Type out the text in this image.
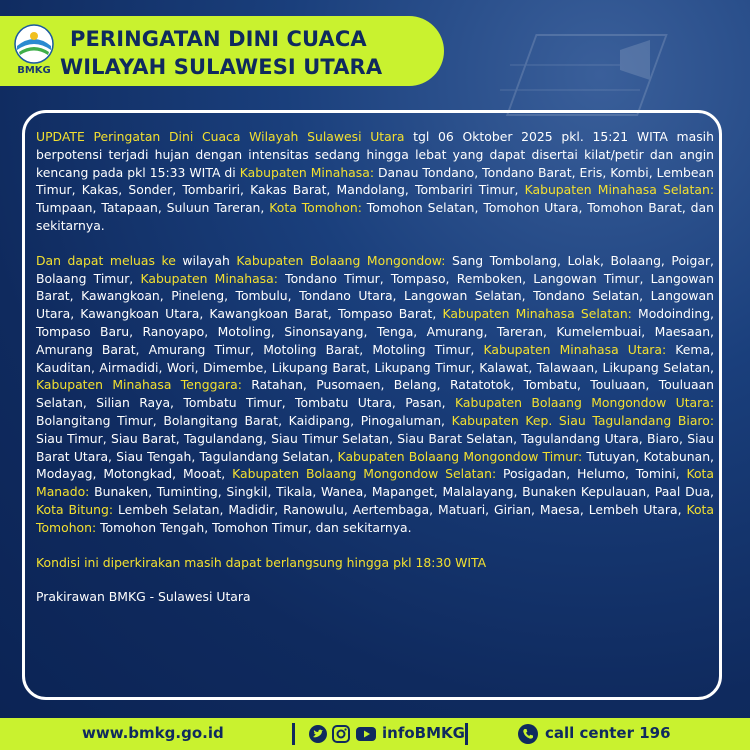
BMKG
PERINGATAN DINI CUACA
WILAYAH SULAWESI UTARA

UPDATE Peringatan Dini Cuaca Wilayah Sulawesi Utara tgl 06 Oktober 2025 pkl. 15:21 WITA masih berpotensi terjadi hujan dengan intensitas sedang hingga lebat yang dapat disertai kilat/petir dan angin kencang pada pkl 15:33 WITA di Kabupaten Minahasa: Danau Tondano, Tondano Barat, Eris, Kombi, Lembean Timur, Kakas, Sonder, Tombariri, Kakas Barat, Mandolang, Tombariri Timur, Kabupaten Minahasa Selatan: Tumpaan, Tatapaan, Suluun Tareran, Kota Tomohon: Tomohon Selatan, Tomohon Utara, Tomohon Barat, dan sekitarnya.

Dan dapat meluas ke wilayah Kabupaten Bolaang Mongondow: Sang Tombolang, Lolak, Bolaang, Poigar, Bolaang Timur, Kabupaten Minahasa: Tondano Timur, Tompaso, Remboken, Langowan Timur, Langowan Barat, Kawangkoan, Pineleng, Tombulu, Tondano Utara, Langowan Selatan, Tondano Selatan, Langowan Utara, Kawangkoan Utara, Kawangkoan Barat, Tompaso Barat, Kabupaten Minahasa Selatan: Modoinding, Tompaso Baru, Ranoyapo, Motoling, Sinonsayang, Tenga, Amurang, Tareran, Kumelembuai, Maesaan, Amurang Barat, Amurang Timur, Motoling Barat, Motoling Timur, Kabupaten Minahasa Utara: Kema, Kauditan, Airmadidi, Wori, Dimembe, Likupang Barat, Likupang Timur, Kalawat, Talawaan, Likupang Selatan, Kabupaten Minahasa Tenggara: Ratahan, Pusomaen, Belang, Ratatotok, Tombatu, Touluaan, Touluaan Selatan, Silian Raya, Tombatu Timur, Tombatu Utara, Pasan, Kabupaten Bolaang Mongondow Utara: Bolangitang Timur, Bolangitang Barat, Kaidipang, Pinogaluman, Kabupaten Kep. Siau Tagulandang Biaro: Siau Timur, Siau Barat, Tagulandang, Siau Timur Selatan, Siau Barat Selatan, Tagulandang Utara, Biaro, Siau Barat Utara, Siau Tengah, Tagulandang Selatan, Kabupaten Bolaang Mongondow Timur: Tutuyan, Kotabunan, Modayag, Motongkad, Mooat, Kabupaten Bolaang Mongondow Selatan: Posigadan, Helumo, Tomini, Kota Manado: Bunaken, Tuminting, Singkil, Tikala, Wanea, Mapanget, Malalayang, Bunaken Kepulauan, Paal Dua, Kota Bitung: Lembeh Selatan, Madidir, Ranowulu, Aertembaga, Matuari, Girian, Maesa, Lembeh Utara, Kota Tomohon: Tomohon Tengah, Tomohon Timur, dan sekitarnya.

Kondisi ini diperkirakan masih dapat berlangsung hingga pkl 18:30 WITA

Prakirawan BMKG - Sulawesi Utara

www.bmkg.go.id	infoBMKG	call center 196
